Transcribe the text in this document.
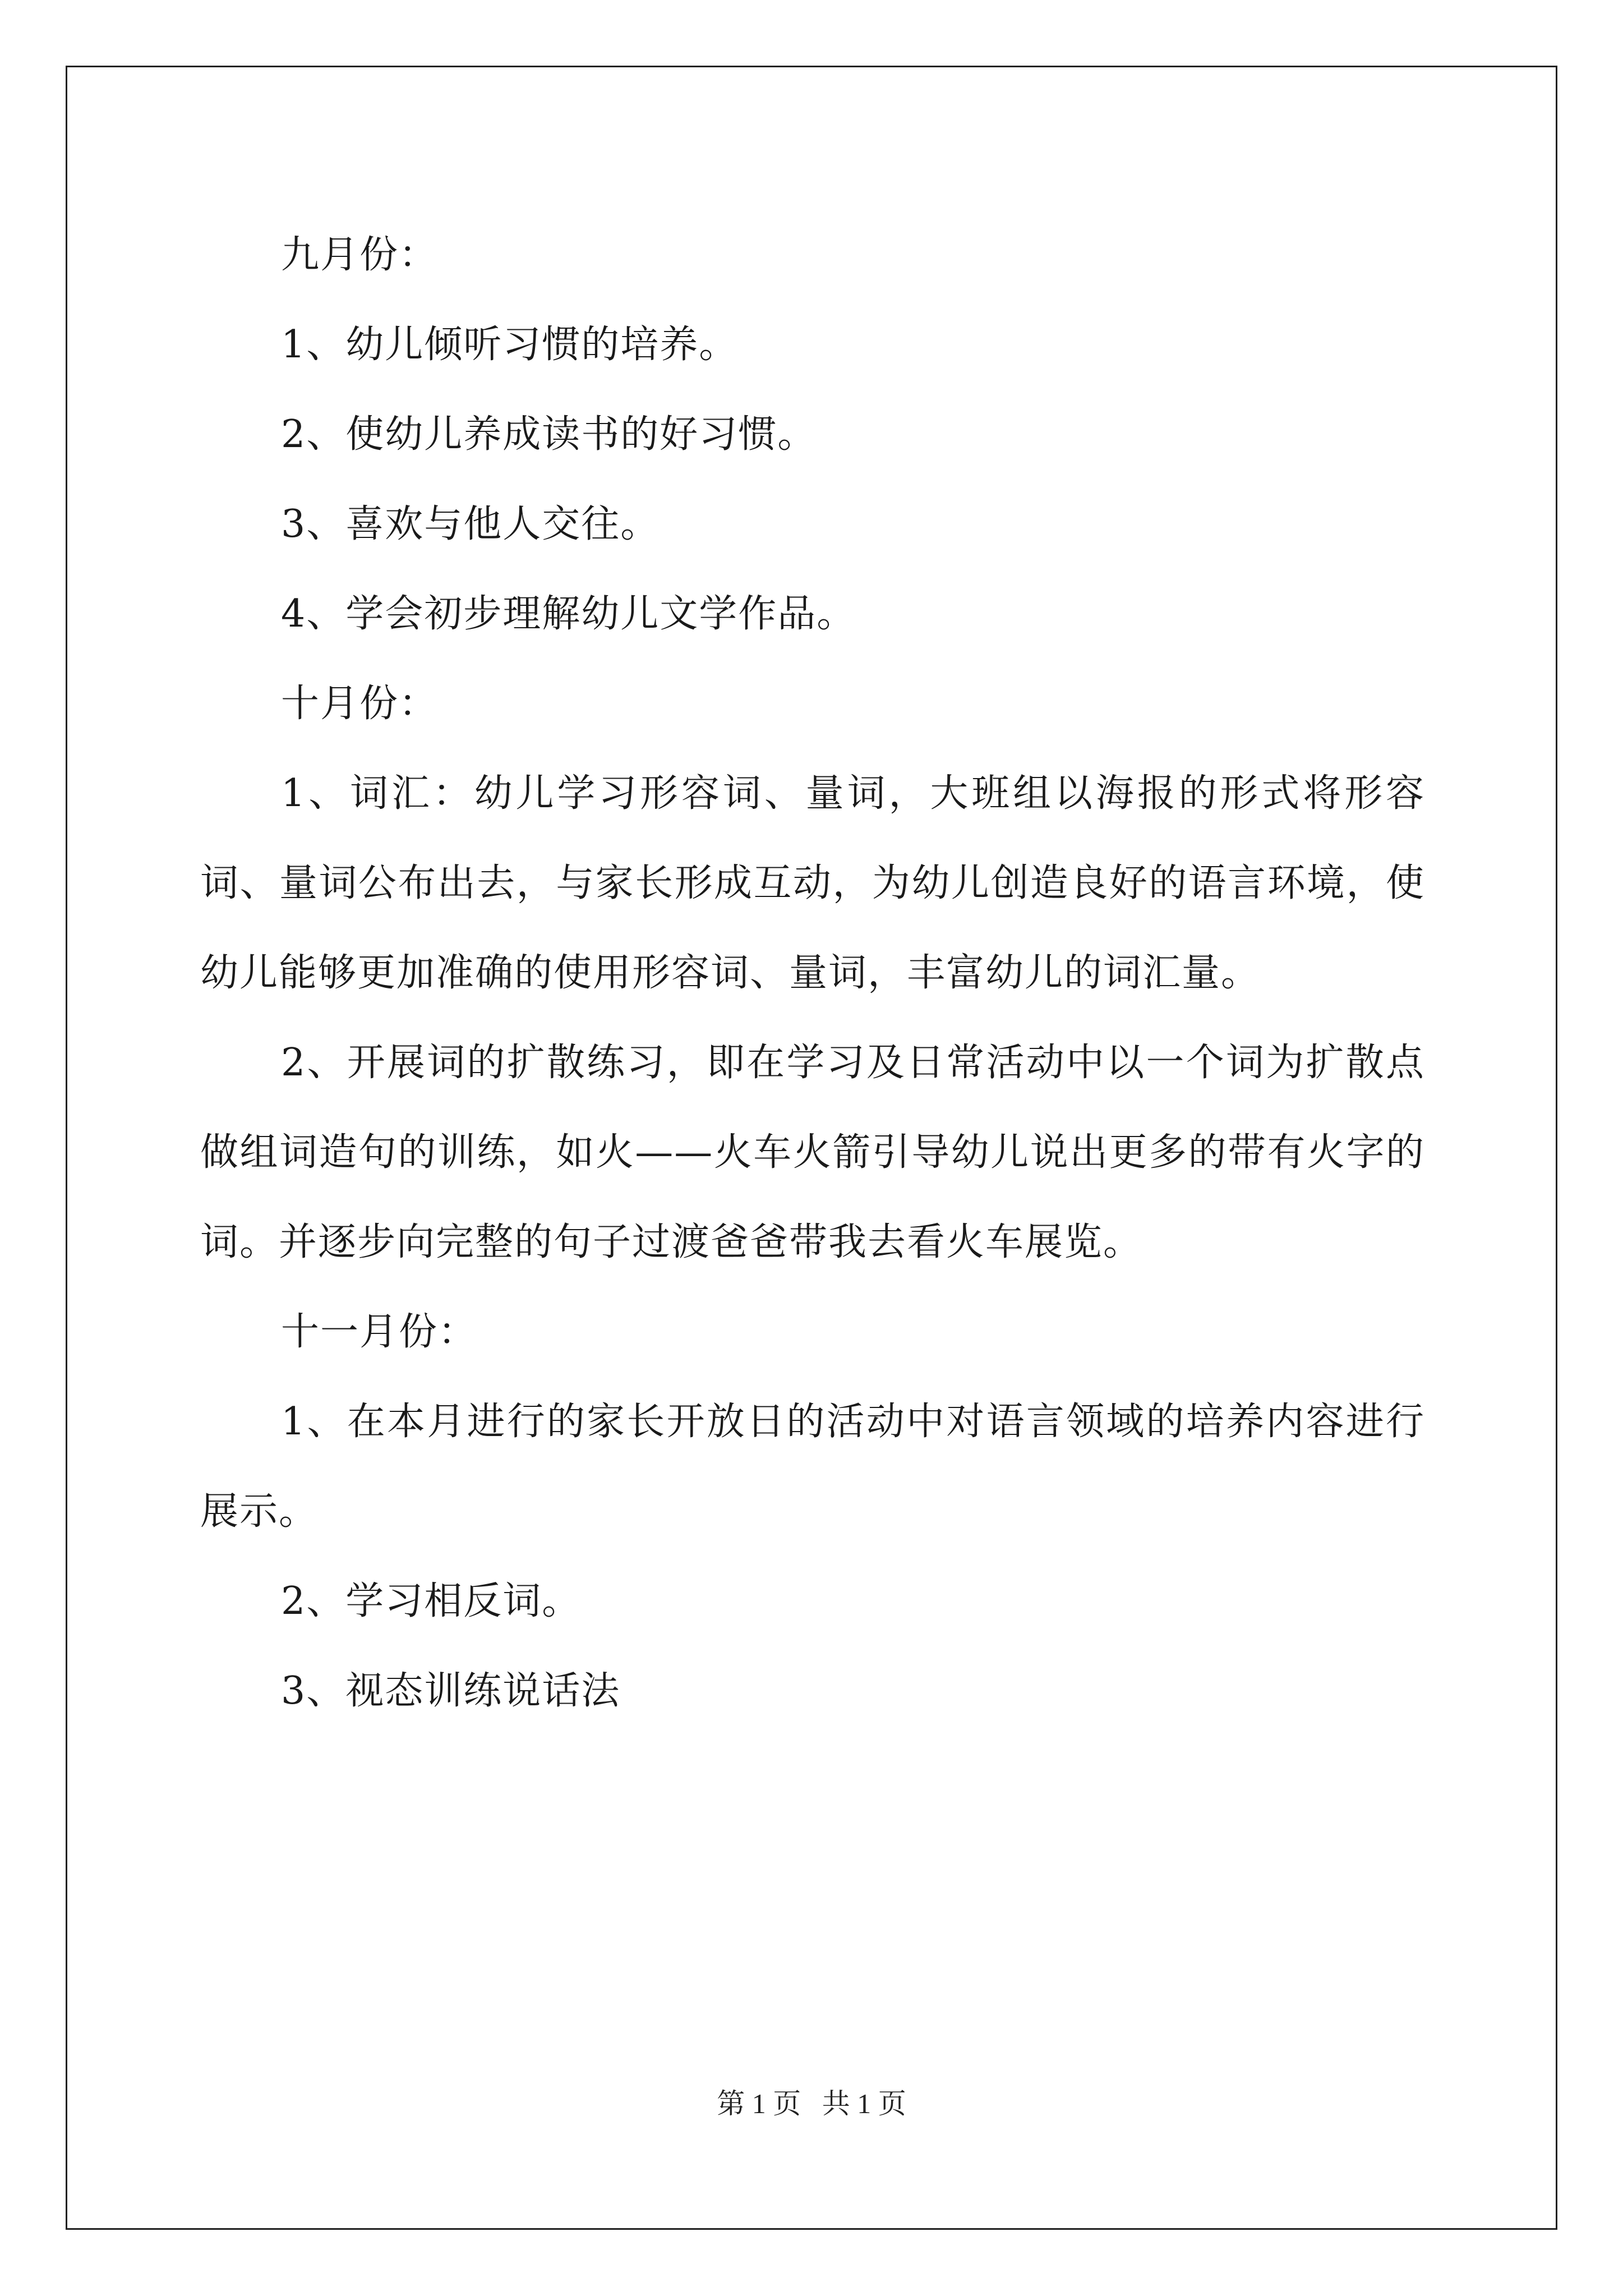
九月份：

1、幼儿倾听习惯的培养。

2、使幼儿养成读书的好习惯。

3、喜欢与他人交往。

4、学会初步理解幼儿文学作品。

十月份：

1、词汇：幼儿学习形容词、量词，大班组以海报的形式将形容词、量词公布出去，与家长形成互动，为幼儿创造良好的语言环境，使幼儿能够更加准确的使用形容词、量词，丰富幼儿的词汇量。

2、开展词的扩散练习，即在学习及日常活动中以一个词为扩散点做组词造句的训练，如火——火车火箭引导幼儿说出更多的带有火字的词。并逐步向完整的句子过渡爸爸带我去看火车展览。

十一月份：

1、在本月进行的家长开放日的活动中对语言领域的培养内容进行展示。

2、学习相反词。

3、视态训练说话法

第 1 页   共 1 页
